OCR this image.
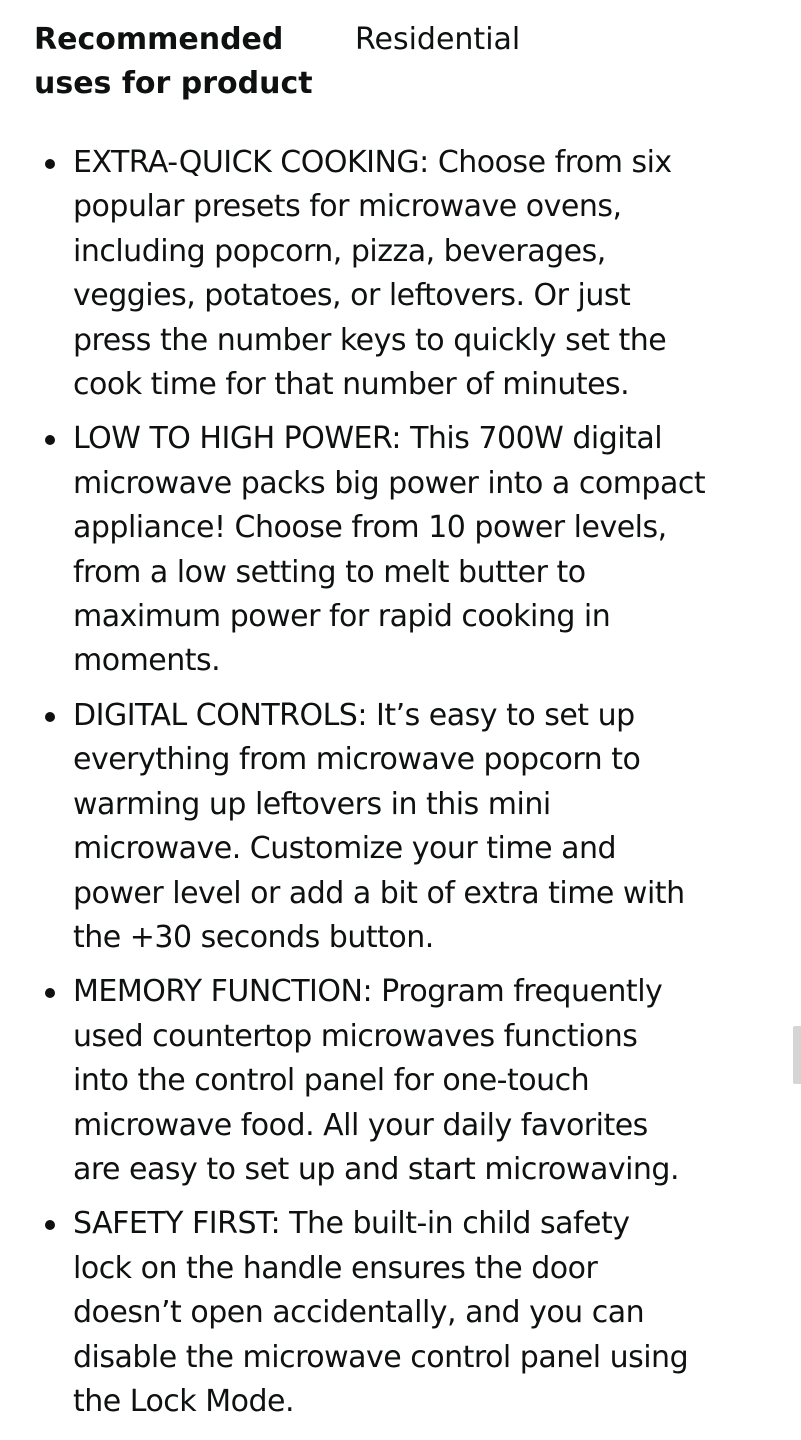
Recommended
uses for product
Residential
EXTRA-QUICK COOKING: Choose from six
popular presets for microwave ovens,
including popcorn, pizza, beverages,
veggies, potatoes, or leftovers. Or just
press the number keys to quickly set the
cook time for that number of minutes.
LOW TO HIGH POWER: This 700W digital
microwave packs big power into a compact
appliance! Choose from 10 power levels,
from a low setting to melt butter to
maximum power for rapid cooking in
moments.
DIGITAL CONTROLS: It’s easy to set up
everything from microwave popcorn to
warming up leftovers in this mini
microwave. Customize your time and
power level or add a bit of extra time with
the +30 seconds button.
MEMORY FUNCTION: Program frequently
used countertop microwaves functions
into the control panel for one-touch
microwave food. All your daily favorites
are easy to set up and start microwaving.
SAFETY FIRST: The built-in child safety
lock on the handle ensures the door
doesn’t open accidentally, and you can
disable the microwave control panel using
the Lock Mode.
